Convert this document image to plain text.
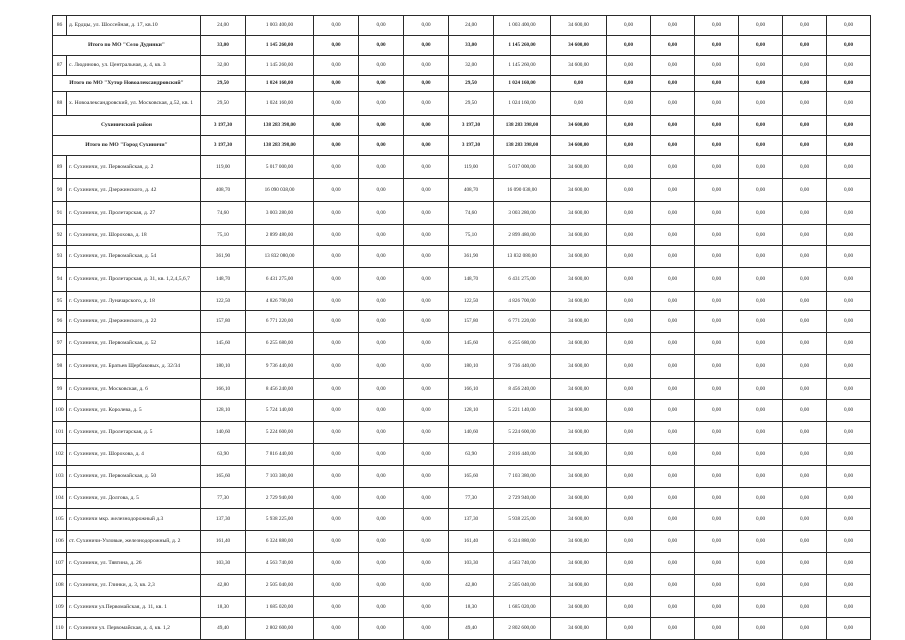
86	д. Ердцы, ул. Шоссейная, д. 17, кв.10	24,00	1 003 400,00	0,00	0,00	0,00	24,00	1 003 400,00	34 600,00	0,00	0,00	0,00	0,00	0,00	0,00
Итого по МО "Село Дудинки"		33,00	1 145 260,00	0,00	0,00	0,00	33,00	1 145 260,00	34 600,00	0,00	0,00	0,00	0,00	0,00	0,00
87	с. Людиново, ул. Центральная, д. 4, кв. 3	32,00	1 145 260,00	0,00	0,00	0,00	32,00	1 145 260,00	34 600,00	0,00	0,00	0,00	0,00	0,00	0,00
Итого по МО "Хутор Новоалександровский"		29,50	1 024 160,00	0,00	0,00	0,00	29,50	1 024 160,00	0,00	0,00	0,00	0,00	0,00	0,00	0,00
88	х. Новоалександровский, ул. Московская, д.52, кв. 1	29,50	1 024 160,00	0,00	0,00	0,00	29,50	1 024 160,00	0,00	0,00	0,00	0,00	0,00	0,00	0,00
Сухиничский район		3 197,30	138 283 398,00	0,00	0,00	0,00	3 197,30	138 283 398,00	34 600,00	0,00	0,00	0,00	0,00	0,00	0,00
Итого по МО "Город Сухиничи"		3 197,30	138 283 398,00	0,00	0,00	0,00	3 197,30	138 283 398,00	34 600,00	0,00	0,00	0,00	0,00	0,00	0,00
89	г. Сухиничи, ул. Первомайская, д. 2	119,00	5 017 000,00	0,00	0,00	0,00	119,00	5 017 000,00	34 600,00	0,00	0,00	0,00	0,00	0,00	0,00
90	г. Сухиничи, ул. Дзержинского, д. 42	408,70	16 090 038,00	0,00	0,00	0,00	408,70	16 090 038,00	34 600,00	0,00	0,00	0,00	0,00	0,00	0,00
91	г. Сухиничи, ул. Пролетарская, д. 27	74,60	3 003 280,00	0,00	0,00	0,00	74,60	3 003 280,00	34 600,00	0,00	0,00	0,00	0,00	0,00	0,00
92	г. Сухиничи, ул. Шорохова, д. 18	75,10	2 899 480,00	0,00	0,00	0,00	75,10	2 899 480,00	34 600,00	0,00	0,00	0,00	0,00	0,00	0,00
93	г. Сухиничи, ул. Первомайская, д. 54	361,90	13 832 080,00	0,00	0,00	0,00	361,90	13 832 080,00	34 600,00	0,00	0,00	0,00	0,00	0,00	0,00
94	г. Сухиничи, ул. Пролетарская, д. 31, кв. 1,2,4,5,6,7	148,70	6 431 275,00	0,00	0,00	0,00	148,70	6 431 275,00	34 600,00	0,00	0,00	0,00	0,00	0,00	0,00
95	г. Сухиничи, ул. Луначарского, д. 18	122,50	4 826 700,00	0,00	0,00	0,00	122,50	4 826 700,00	34 600,00	0,00	0,00	0,00	0,00	0,00	0,00
96	г. Сухиничи, ул. Дзержинского, д. 22	157,80	6 771 220,00	0,00	0,00	0,00	157,80	6 771 220,00	34 600,00	0,00	0,00	0,00	0,00	0,00	0,00
97	г. Сухиничи, ул. Первомайская, д. 52	145,60	6 255 680,00	0,00	0,00	0,00	145,60	6 255 680,00	34 600,00	0,00	0,00	0,00	0,00	0,00	0,00
98	г. Сухиничи, ул. Братьев Щербаковых, д. 32/34	180,10	9 736 440,00	0,00	0,00	0,00	180,10	9 736 440,00	34 600,00	0,00	0,00	0,00	0,00	0,00	0,00
99	г. Сухиничи, ул. Московская, д. 6	166,10	8 456 240,00	0,00	0,00	0,00	166,10	8 456 240,00	34 600,00	0,00	0,00	0,00	0,00	0,00	0,00
100	г. Сухиничи, ул. Королева, д. 5	128,10	5 724 140,00	0,00	0,00	0,00	128,10	5 221 140,00	34 600,00	0,00	0,00	0,00	0,00	0,00	0,00
101	г. Сухиничи, ул. Пролетарская, д. 5	140,60	5 224 600,00	0,00	0,00	0,00	140,60	5 224 600,00	34 600,00	0,00	0,00	0,00	0,00	0,00	0,00
102	г. Сухиничи, ул. Шорохова, д. 4	63,90	7 816 440,00	0,00	0,00	0,00	63,90	2 816 440,00	34 600,00	0,00	0,00	0,00	0,00	0,00	0,00
103	г. Сухиничи, ул. Первомайская, д. 50	165,60	7 103 380,00	0,00	0,00	0,00	165,60	7 103 380,00	34 600,00	0,00	0,00	0,00	0,00	0,00	0,00
104	г. Сухиничи, ул. Долгова, д. 5	77,30	2 729 940,00	0,00	0,00	0,00	77,30	2 729 940,00	34 600,00	0,00	0,00	0,00	0,00	0,00	0,00
105	г. Сухиничи мкр. железнодорожный д.3	137,30	5 938 225,00	0,00	0,00	0,00	137,30	5 938 225,00	34 600,00	0,00	0,00	0,00	0,00	0,00	0,00
106	ст. Сухиничи-Узловые, железнодорожный, д. 2	161,40	6 324 880,00	0,00	0,00	0,00	161,40	6 324 880,00	34 600,00	0,00	0,00	0,00	0,00	0,00	0,00
107	г. Сухиничи, ул. Тявтина, д. 26	103,30	4 563 740,00	0,00	0,00	0,00	103,30	4 563 740,00	34 600,00	0,00	0,00	0,00	0,00	0,00	0,00
108	г. Сухиничи, ул. Глинки, д. 3, кв. 2,3	42,80	2 505 040,00	0,00	0,00	0,00	42,80	2 505 040,00	34 600,00	0,00	0,00	0,00	0,00	0,00	0,00
109	г. Сухиничи ул.Первомайская, д. 11, кв. 1	18,30	1 685 020,00	0,00	0,00	0,00	18,30	1 685 020,00	34 600,00	0,00	0,00	0,00	0,00	0,00	0,00
110	г. Сухиничи ул. Первомайская, д. 4, кв. 1,2	49,40	2 802 600,00	0,00	0,00	0,00	49,40	2 802 600,00	34 600,00	0,00	0,00	0,00	0,00	0,00	0,00
